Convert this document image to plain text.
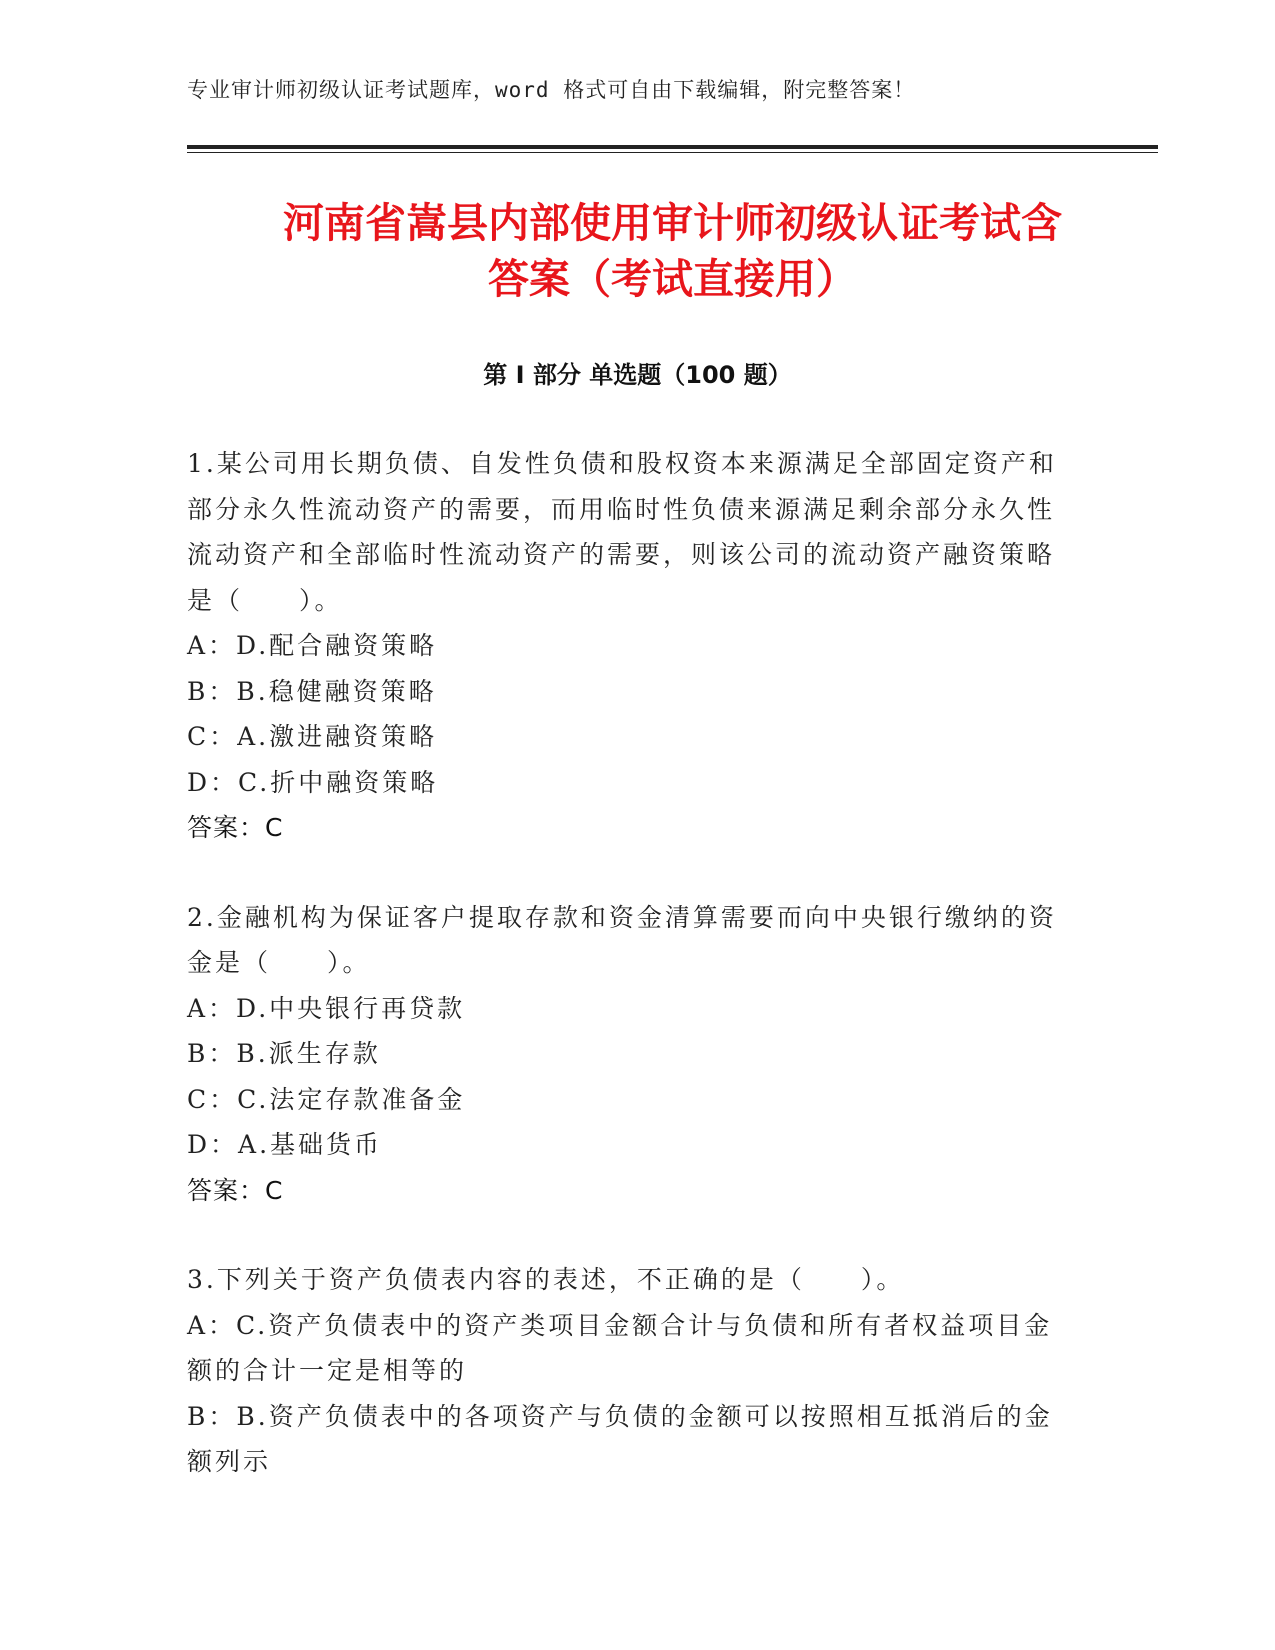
专业审计师初级认证考试题库，word 格式可自由下载编辑，附完整答案！
河南省嵩县内部使用审计师初级认证考试含
答案（考试直接用）
第 I 部分 单选题（100 题）
1.某公司用长期负债、自发性负债和股权资本来源满足全部固定资产和部分永久性流动资产的需要，而用临时性负债来源满足剩余部分永久性流动资产和全部临时性流动资产的需要，则该公司的流动资产融资策略是（　　）。
A：D.配合融资策略
B：B.稳健融资策略
C：A.激进融资策略
D：C.折中融资策略
答案：C
2.金融机构为保证客户提取存款和资金清算需要而向中央银行缴纳的资金是（　　）。
A：D.中央银行再贷款
B：B.派生存款
C：C.法定存款准备金
D：A.基础货币
答案：C
3.下列关于资产负债表内容的表述，不正确的是（　　）。
A：C.资产负债表中的资产类项目金额合计与负债和所有者权益项目金额的合计一定是相等的
B：B.资产负债表中的各项资产与负债的金额可以按照相互抵消后的金额列示
